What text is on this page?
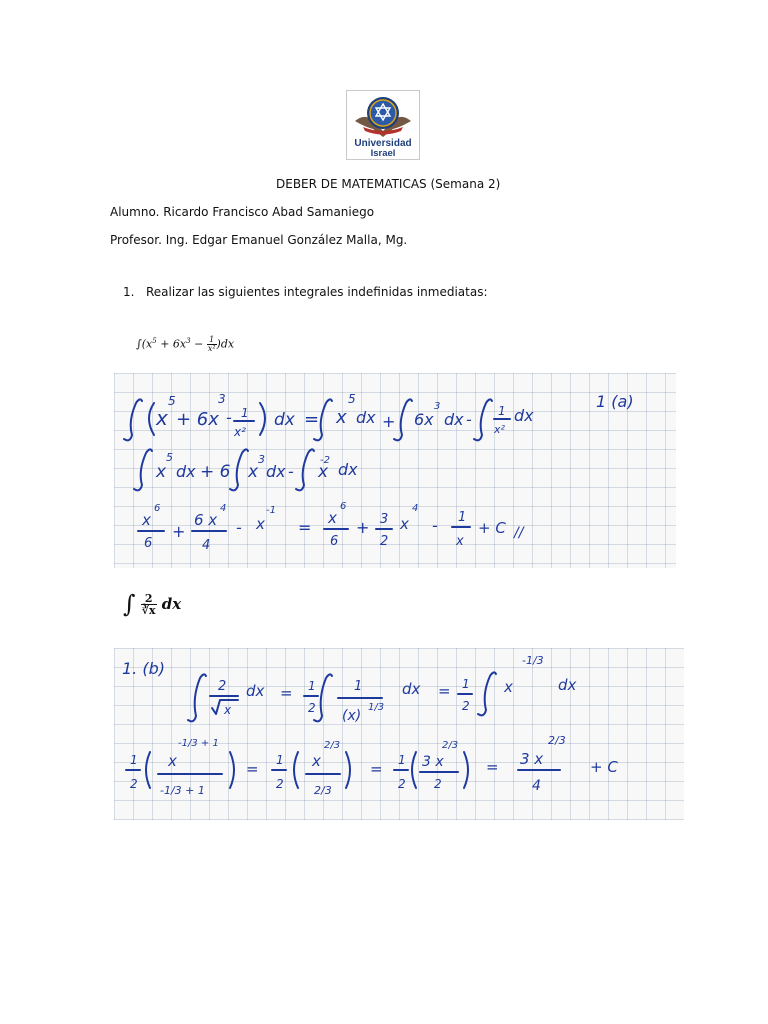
Universidad
Israel
DEBER DE MATEMATICAS (Semana 2)
Alumno. Ricardo Francisco Abad Samaniego
Profesor. Ing. Edgar Emanuel González Malla, Mg.
1. Realizar las siguientes integrales indefinidas inmediatas:
$\int(x^5 + 6x^3 - \frac{1}{\text{x²}} )dx$
x
5
+ 6x
3
- 1
x²
dx = x
5
dx + 6x
3
dx - 1
x²
dx
1 (a)
x
5
dx + 6 x
3
dx - x
-2 dx
x
6
6
+
6 x
4
4
- x
-1
= x
6
6
+ 3
2
x
4
- 1
x
+ C //
∫ $\frac{2}{∛x}$ dx
1. (b)
2
x
dx = 1
2
1
(x)
1/3
dx = 1
2
x
-1/3
dx
1
2
x
-1/3 + 1
-1/3 + 1
= 1
2
x
2/3
2/3
= 1
2
3 x
2/3
2
= 3 x
2/3
4
+ C
